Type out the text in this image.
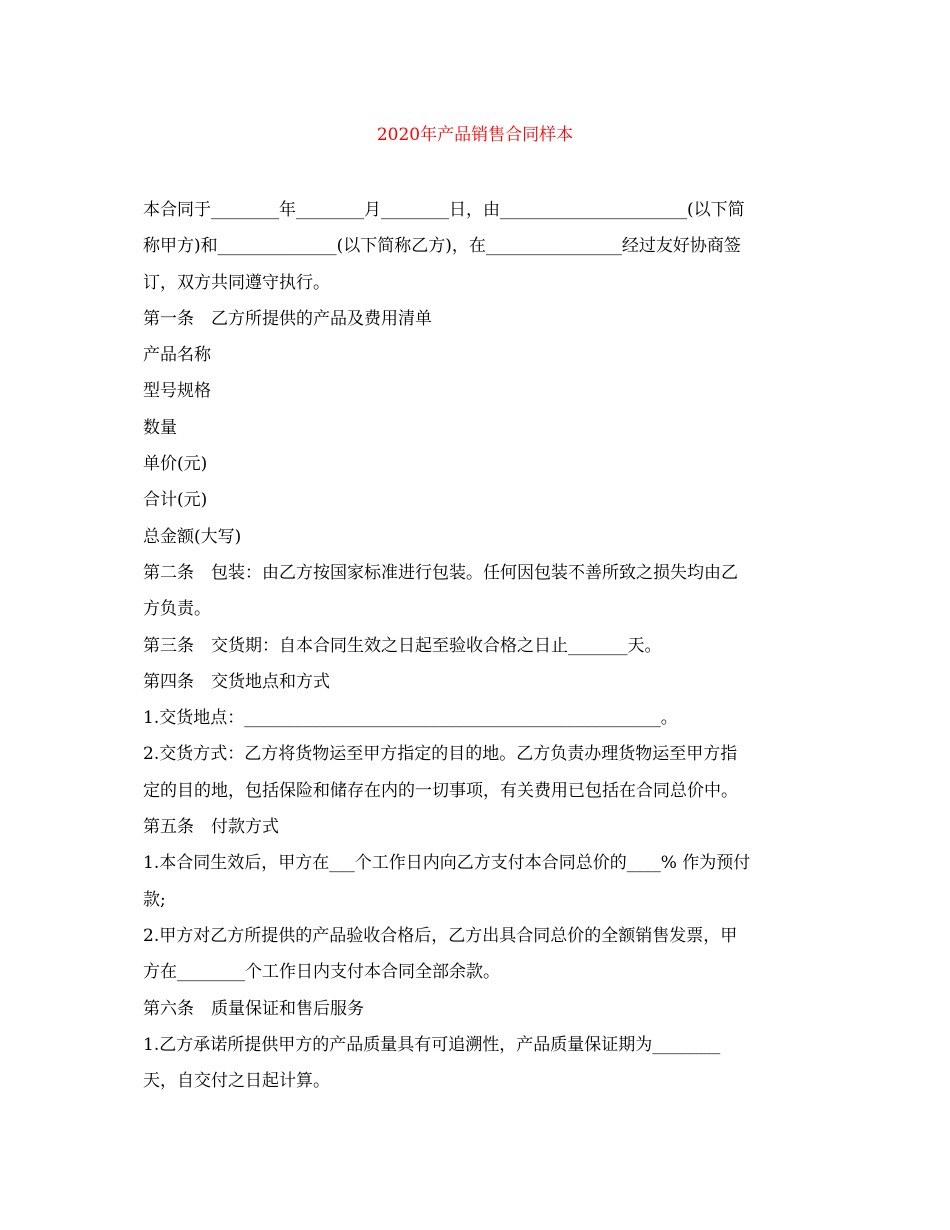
2020年产品销售合同样本
本合同于________年________月________日，由______________________(以下简
称甲方)和______________(以下简称乙方)，在________________经过友好协商签
订，双方共同遵守执行。
第一条　乙方所提供的产品及费用清单
产品名称
型号规格
数量
单价(元)
合计(元)
总金额(大写)
第二条　包装：由乙方按国家标准进行包装。任何因包装不善所致之损失均由乙
方负责。
第三条　交货期：自本合同生效之日起至验收合格之日止_______天。
第四条　交货地点和方式
1.交货地点：_________________________________________________。
2.交货方式：乙方将货物运至甲方指定的目的地。乙方负责办理货物运至甲方指
定的目的地，包括保险和储存在内的一切事项，有关费用已包括在合同总价中。
第五条　付款方式
1.本合同生效后，甲方在___个工作日内向乙方支付本合同总价的____% 作为预付
款;
2.甲方对乙方所提供的产品验收合格后，乙方出具合同总价的全额销售发票，甲
方在________个工作日内支付本合同全部余款。
第六条　质量保证和售后服务
1.乙方承诺所提供甲方的产品质量具有可追溯性，产品质量保证期为________
天，自交付之日起计算。
